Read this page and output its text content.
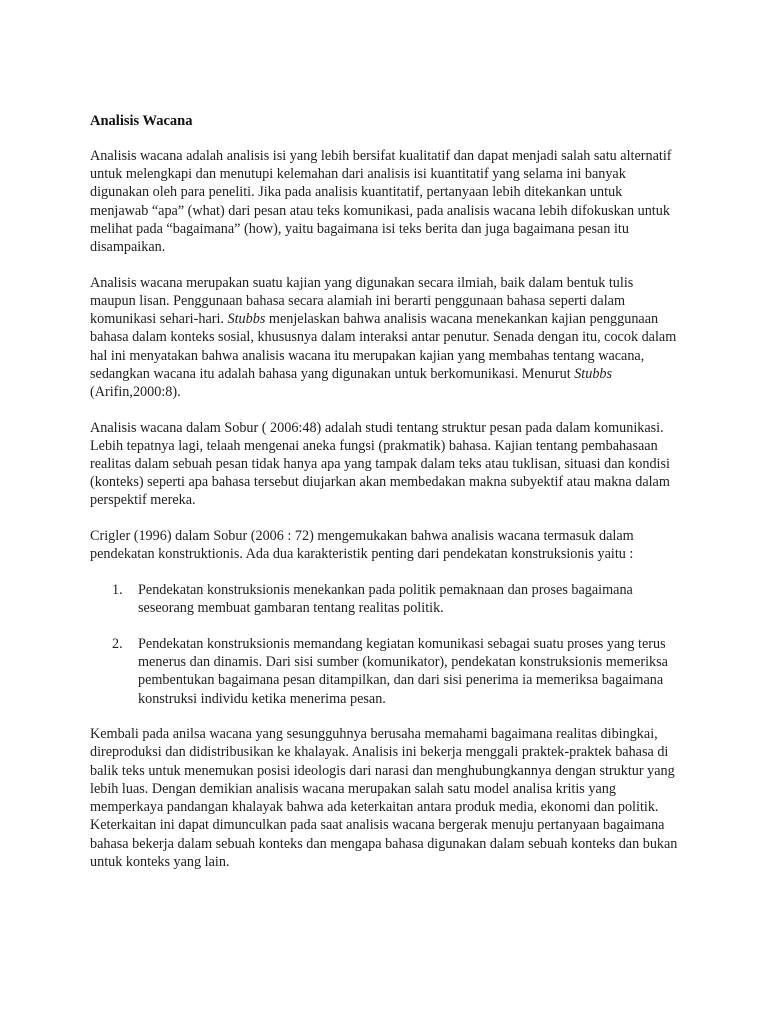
Analisis Wacana

Analisis wacana adalah analisis isi yang lebih bersifat kualitatif dan dapat menjadi salah satu alternatif untuk melengkapi dan menutupi kelemahan dari analisis isi kuantitatif yang selama ini banyak digunakan oleh para peneliti. Jika pada analisis kuantitatif, pertanyaan lebih ditekankan untuk menjawab “apa” (what) dari pesan atau teks komunikasi, pada analisis wacana lebih difokuskan untuk melihat pada “bagaimana” (how), yaitu bagaimana isi teks berita dan juga bagaimana pesan itu disampaikan.

Analisis wacana merupakan suatu kajian yang digunakan secara ilmiah, baik dalam bentuk tulis maupun lisan. Penggunaan bahasa secara alamiah ini berarti penggunaan bahasa seperti dalam komunikasi sehari-hari. Stubbs menjelaskan bahwa analisis wacana menekankan kajian penggunaan bahasa dalam konteks sosial, khususnya dalam interaksi antar penutur. Senada dengan itu, cocok dalam hal ini menyatakan bahwa analisis wacana itu merupakan kajian yang membahas tentang wacana, sedangkan wacana itu adalah bahasa yang digunakan untuk berkomunikasi. Menurut Stubbs (Arifin,2000:8).

Analisis wacana dalam Sobur ( 2006:48) adalah studi tentang struktur pesan pada dalam komunikasi. Lebih tepatnya lagi, telaah mengenai aneka fungsi (prakmatik) bahasa. Kajian tentang pembahasaan realitas dalam sebuah pesan tidak hanya apa yang tampak dalam teks atau tuklisan, situasi dan kondisi (konteks) seperti apa bahasa tersebut diujarkan akan membedakan makna subyektif atau makna dalam perspektif mereka.

Crigler (1996) dalam Sobur (2006 : 72) mengemukakan bahwa analisis wacana termasuk dalam pendekatan konstruktionis. Ada dua karakteristik penting dari pendekatan konstruksionis yaitu :

1. Pendekatan konstruksionis menekankan pada politik pemaknaan dan proses bagaimana seseorang membuat gambaran tentang realitas politik.
2. Pendekatan konstruksionis memandang kegiatan komunikasi sebagai suatu proses yang terus menerus dan dinamis. Dari sisi sumber (komunikator), pendekatan konstruksionis memeriksa pembentukan bagaimana pesan ditampilkan, dan dari sisi penerima ia memeriksa bagaimana konstruksi individu ketika menerima pesan.

Kembali pada anilsa wacana yang sesungguhnya berusaha memahami bagaimana realitas dibingkai, direproduksi dan didistribusikan ke khalayak. Analisis ini bekerja menggali praktek-praktek bahasa di balik teks untuk menemukan posisi ideologis dari narasi dan menghubungkannya dengan struktur yang lebih luas. Dengan demikian analisis wacana merupakan salah satu model analisa kritis yang memperkaya pandangan khalayak bahwa ada keterkaitan antara produk media, ekonomi dan politik. Keterkaitan ini dapat dimunculkan pada saat analisis wacana bergerak menuju pertanyaan bagaimana bahasa bekerja dalam sebuah konteks dan mengapa bahasa digunakan dalam sebuah konteks dan bukan untuk konteks yang lain.
